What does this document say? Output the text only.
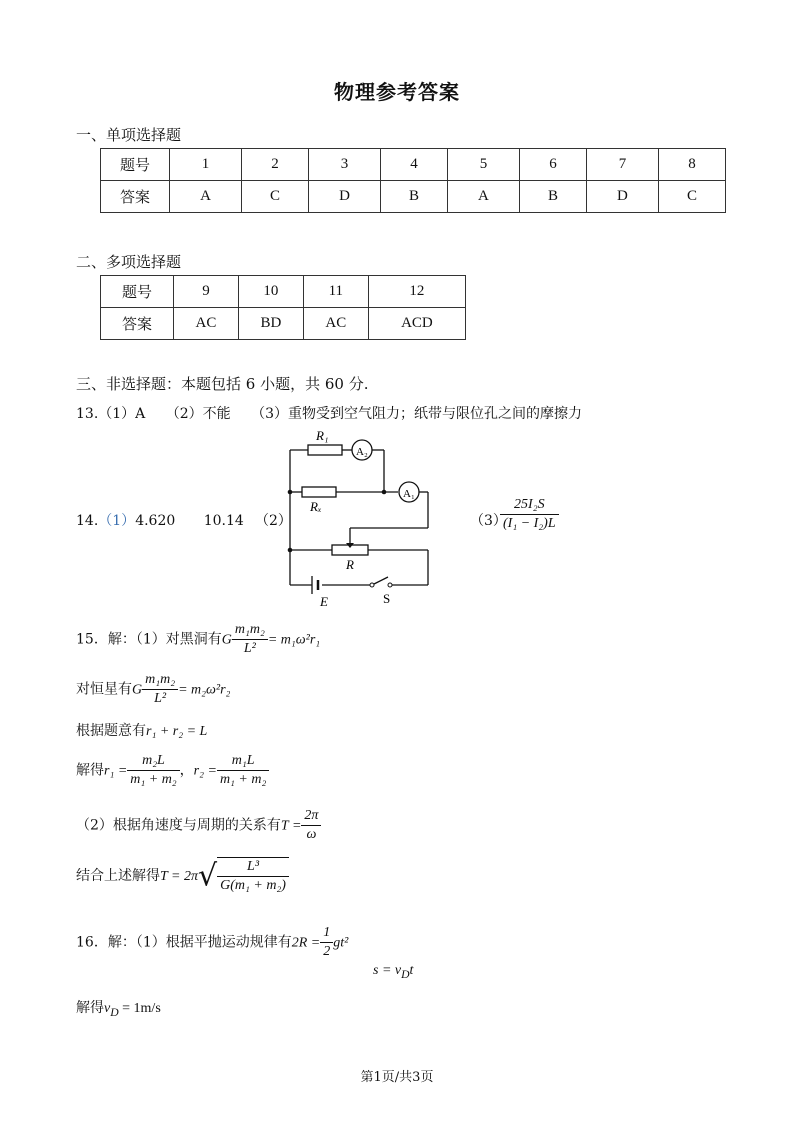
物理参考答案
一、单项选择题
题号	1	2	3	4	5	6	7	8
答案	A	C	D	B	A	B	D	C
二、多项选择题
题号	9	10	11	12
答案	AC	BD	AC	ACD
三、非选择题：本题包括 6 小题，共 60 分.
13.（1）A （2）不能 （3）重物受到空气阻力；纸带与限位孔之间的摩擦力
14.（1）4.620 10.14 （2）
R₁
A₂
A₁
Rₓ
R
E	S
（3）
$\frac{\text{25I₂S}}{\text{(I₁ − I₂)L}}$
15．解：（1）对黑洞有G $\frac{\text{m₁m₂}}{\text{L²}} = m_1\omega^2r_1$
对恒星有G $\frac{\text{m₁m₂}}{\text{L²}} = m_2\omega^2r_2$
根据题意有r₁ + r₂ = L
解得$r_1 = \frac{\text{m₂L}}{\text{m₁ + m₂}}$ ，$r_2 = \frac{\text{m₁L}}{\text{m₁ + m₂}}$
（2）根据角速度与周期的关系有$T = \frac{2\pi}{\omega}$
结合上述解得$T = 2\pi√ \frac{\text{L³}}{\text{G(m₁ + m₂)}}$
16．解：（1）根据平抛运动规律有$2R = \frac{1}{2} gt^2$
$s = v_Dt$
解得$v_D = 1m/s$
第1页/共3页
